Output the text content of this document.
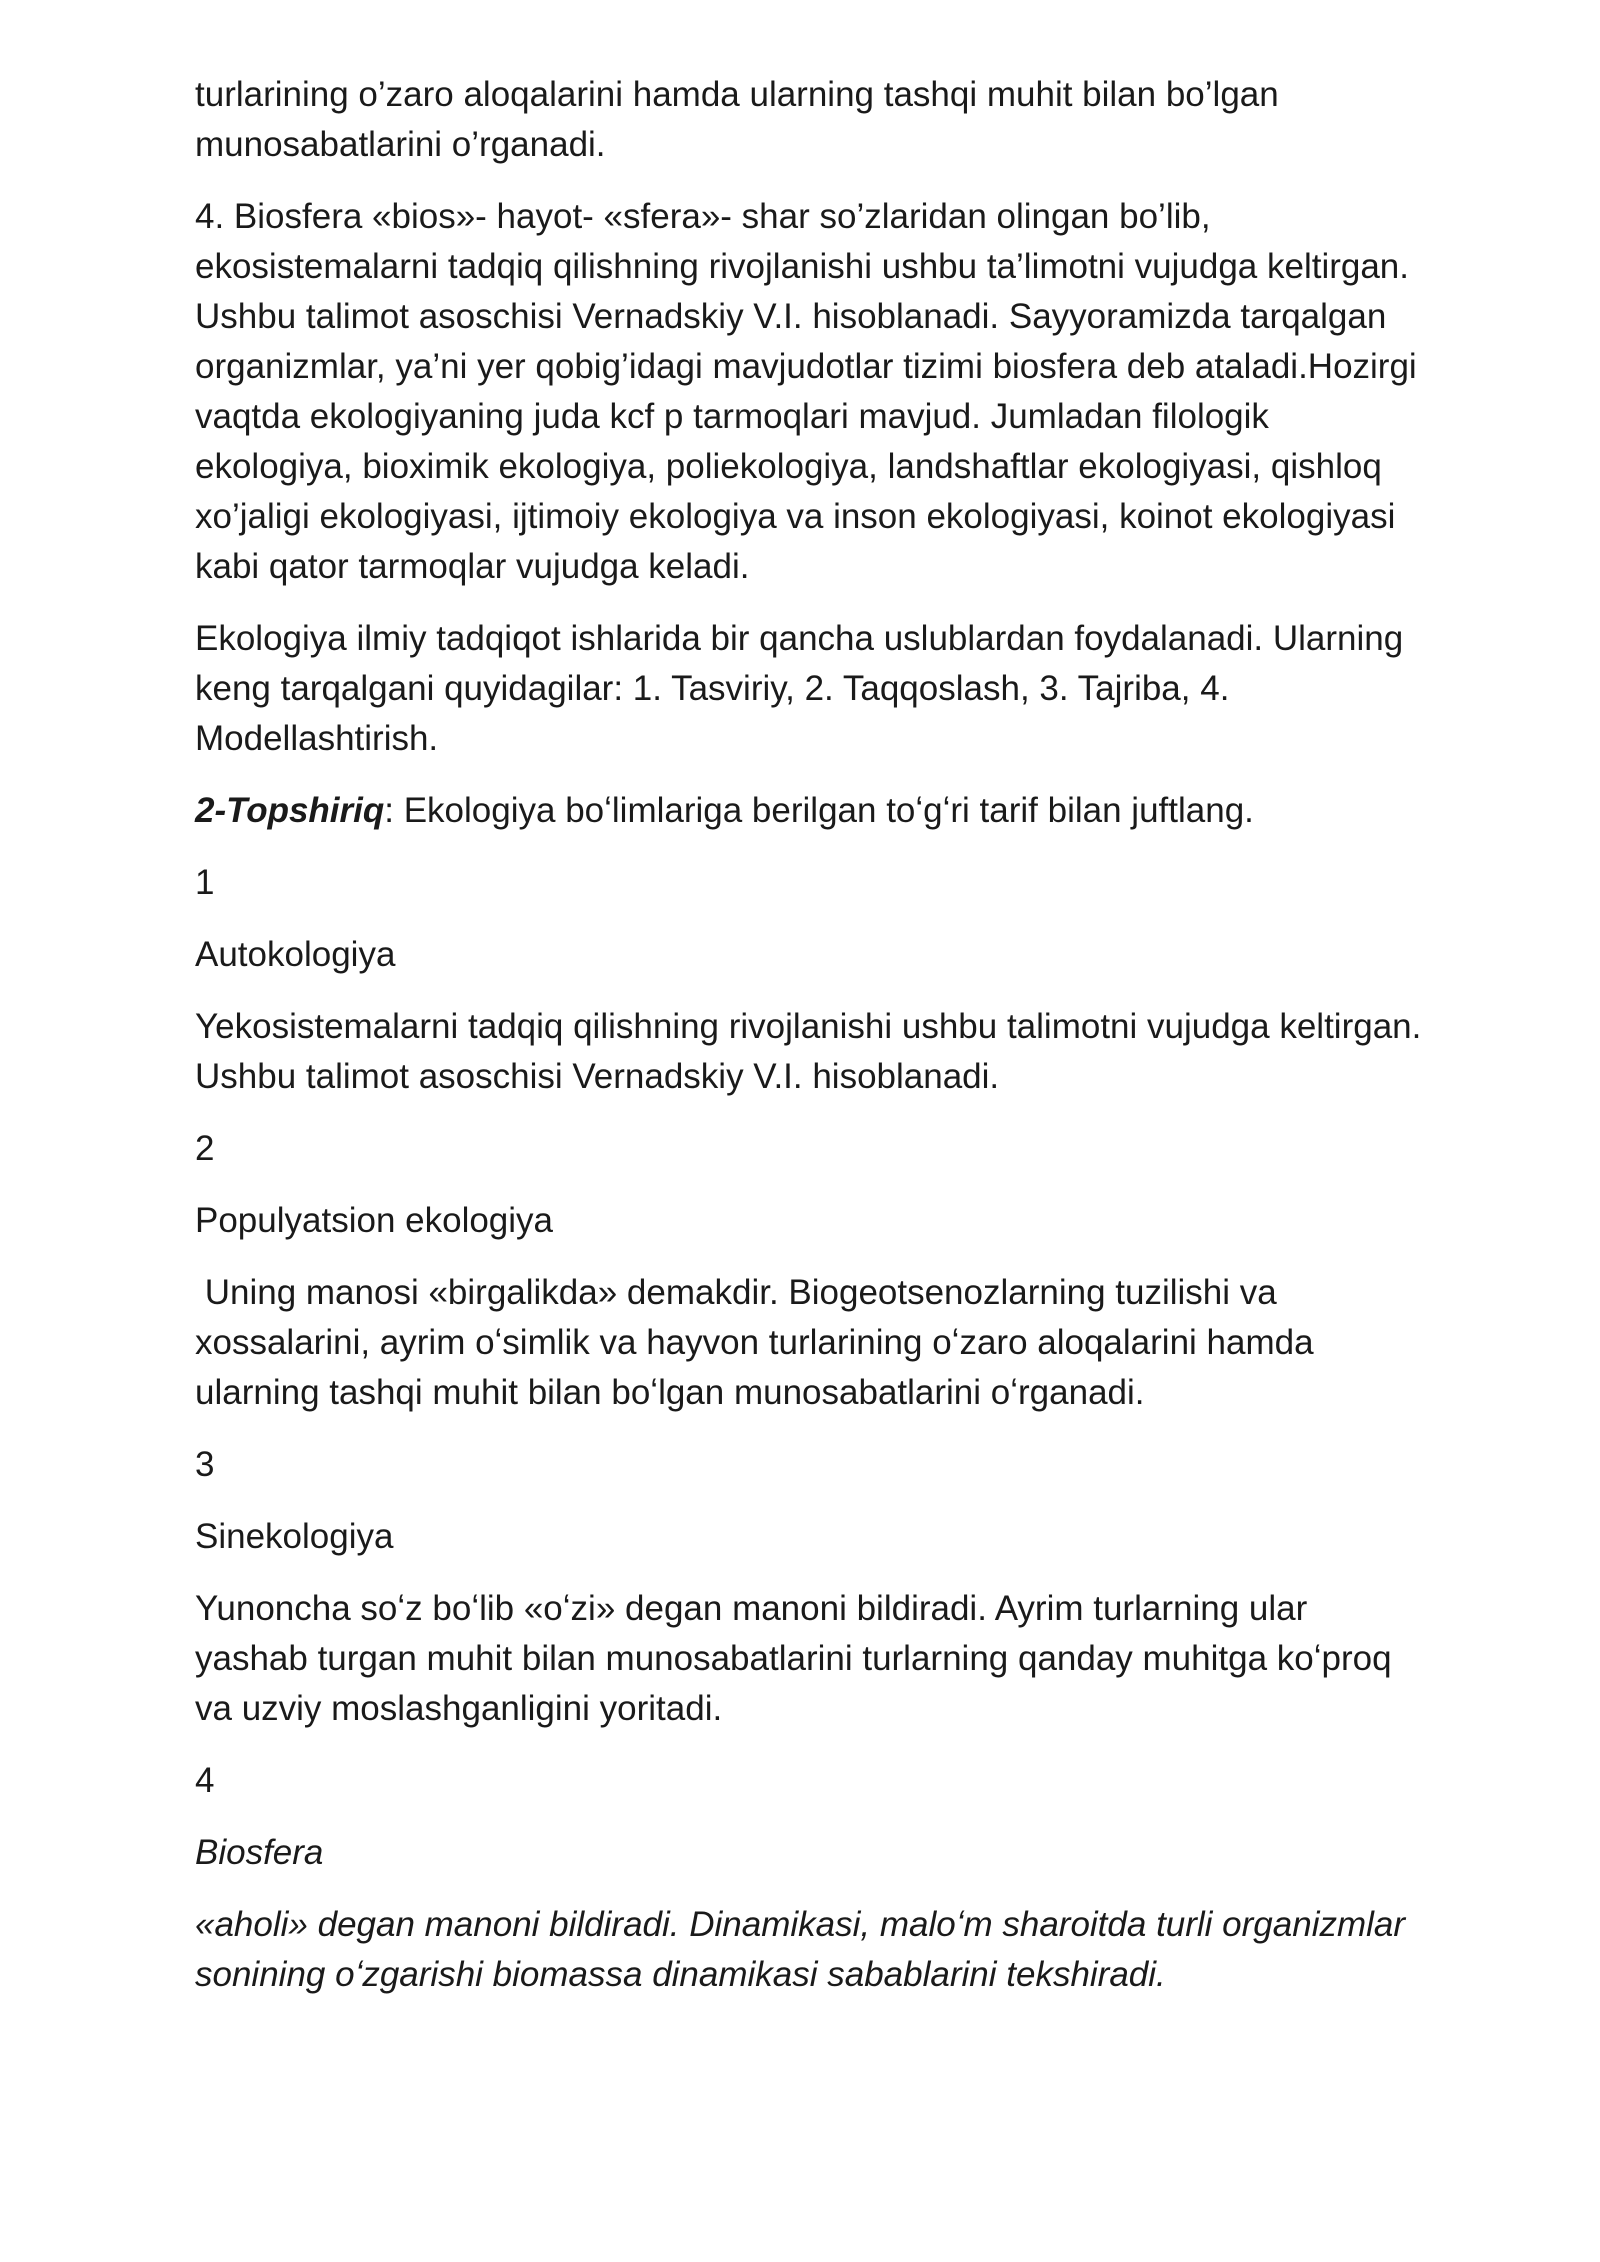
turlarining o’zaro aloqalarini hamda ularning tashqi muhit bilan bo’lgan munosabatlarini o’rganadi.

4. Biosfera «bios»- hayot- «sfera»- shar so’zlaridan olingan bo’lib, ekosistemalarni tadqiq qilishning rivojlanishi ushbu ta’limotni vujudga keltirgan. Ushbu talimot asoschisi Vernadskiy V.I. hisoblanadi. Sayyoramizda tarqalgan organizmlar, ya’ni yer qobig’idagi mavjudotlar tizimi biosfera deb ataladi.Hozirgi vaqtda ekologiyaning juda kcf p tarmoqlari mavjud. Jumladan filologik ekologiya, bioximik ekologiya, poliekologiya, landshaftlar ekologiyasi, qishloq xo’jaligi ekologiyasi, ijtimoiy ekologiya va inson ekologiyasi, koinot ekologiyasi kabi qator tarmoqlar vujudga keladi.

Ekologiya ilmiy tadqiqot ishlarida bir qancha uslublardan foydalanadi. Ularning keng tarqalgani quyidagilar: 1. Tasviriy, 2. Taqqoslash, 3. Tajriba, 4. Modellashtirish.

2-Topshiriq: Ekologiya boʻlimlariga berilgan toʻgʻri tarif bilan juftlang.

1

Autokologiya

Yekosistemalarni tadqiq qilishning rivojlanishi ushbu talimotni vujudga keltirgan. Ushbu talimot asoschisi Vernadskiy V.I. hisoblanadi.

2

Populyatsion ekologiya

Uning manosi «birgalikda» demakdir. Biogeotsenozlarning tuzilishi va xossalarini, ayrim oʻsimlik va hayvon turlarining oʻzaro aloqalarini hamda ularning tashqi muhit bilan boʻlgan munosabatlarini oʻrganadi.

3

Sinekologiya

Yunoncha soʻz boʻlib «oʻzi» degan manoni bildiradi. Ayrim turlarning ular yashab turgan muhit bilan munosabatlarini turlarning qanday muhitga koʻproq va uzviy moslashganligini yoritadi.

4

Biosfera

«aholi» degan manoni bildiradi. Dinamikasi, maloʻm sharoitda turli organizmlar sonining oʻzgarishi biomassa dinamikasi sabablarini tekshiradi.
